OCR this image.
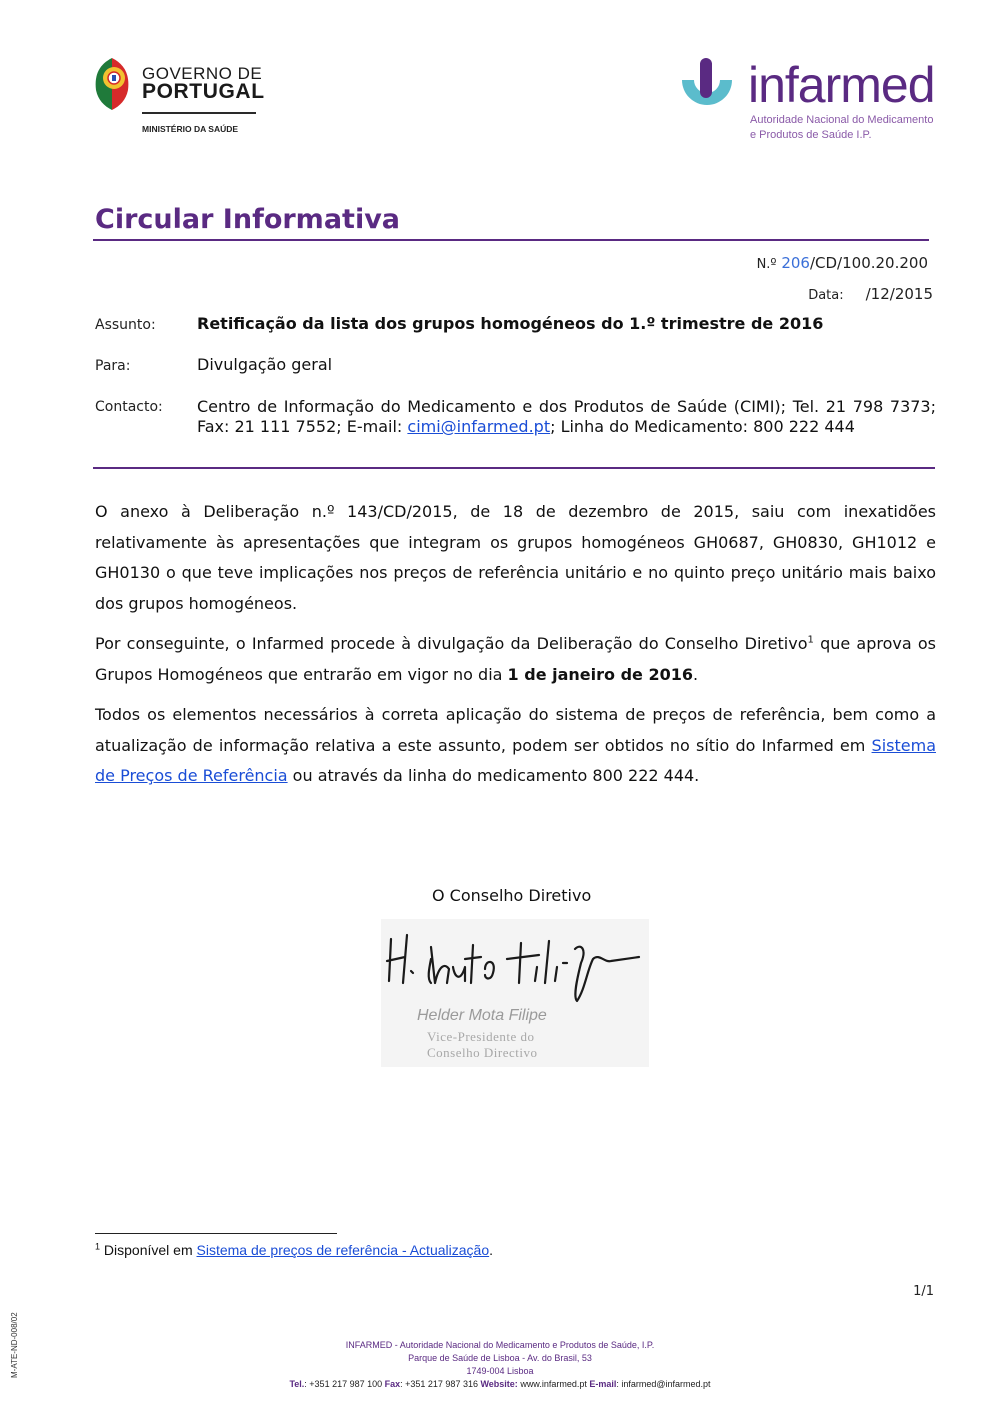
GOVERNO DE
PORTUGAL
MINISTÉRIO DA SAÚDE
infarmed
Autoridade Nacional do Medicamento
e Produtos de Saúde I.P.
Circular Informativa
N.º 206/CD/100.20.200
Data: /12/2015
Assunto:	Retificação da lista dos grupos homogéneos do 1.º trimestre de 2016
Para:	Divulgação geral
Contacto: Centro de Informação do Medicamento e dos Produtos de Saúde (CIMI); Tel. 21 798 7373; Fax: 21 111 7552; E-mail: cimi@infarmed.pt; Linha do Medicamento: 800 222 444
O anexo à Deliberação n.º 143/CD/2015, de 18 de dezembro de 2015, saiu com inexatidões relativamente às apresentações que integram os grupos homogéneos GH0687, GH0830, GH1012 e GH0130 o que teve implicações nos preços de referência unitário e no quinto preço unitário mais baixo dos grupos homogéneos.
Por conseguinte, o Infarmed procede à divulgação da Deliberação do Conselho Diretivo$^1$ que aprova os Grupos Homogéneos que entrarão em vigor no dia 1 de janeiro de 2016.
Todos os elementos necessários à correta aplicação do sistema de preços de referência, bem como a atualização de informação relativa a este assunto, podem ser obtidos no sítio do Infarmed em Sistema de Preços de Referência ou através da linha do medicamento 800 222 444.
O Conselho Diretivo
Helder Mota Filipe
Vice-Presidente do
Conselho Directivo
$^1$ Disponível em Sistema de preços de referência - Actualização.
1/1
M-ATE-ND-008/02	INFARMED - Autoridade Nacional do Medicamento e Produtos de Saúde, I.P.
Parque de Saúde de Lisboa - Av. do Brasil, 53
1749-004 Lisboa
Tel.: +351 217 987 100 Fax: +351 217 987 316 Website: www.infarmed.pt E-mail: infarmed@infarmed.pt
